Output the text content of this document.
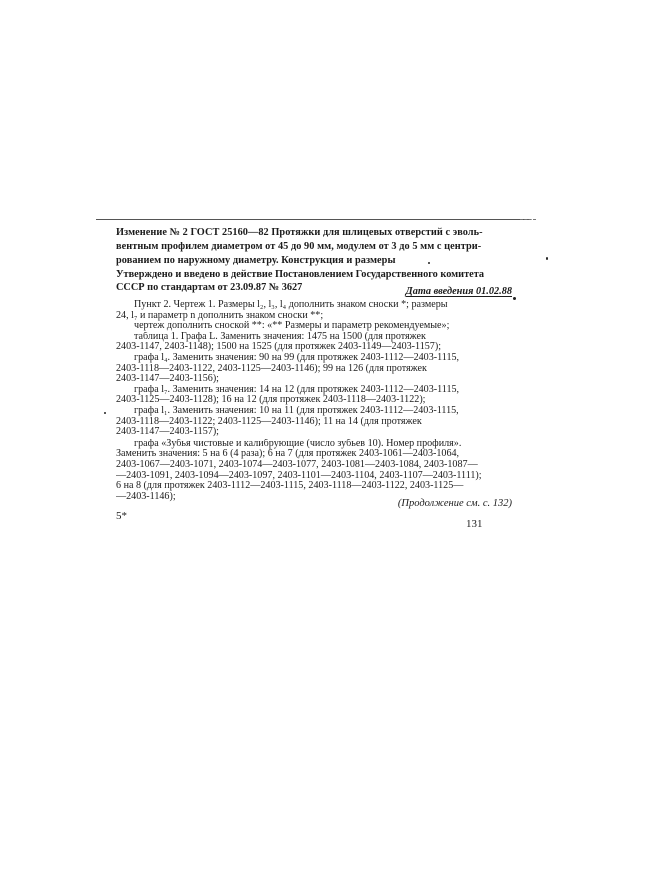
Изменение № 2 ГОСТ 25160—82 Протяжки для шлицевых отверстий с эволь-
вентным профилем диаметром от 45 до 90 мм, модулем от 3 до 5 мм с центри-
рованием по наружному диаметру. Конструкция и размеры
Утверждено и введено в действие Постановлением Государственного комитета
СССР по стандартам от 23.09.87 № 3627	Дата введения 01.02.88
Пункт 2. Чертеж 1. Размеры l₂, l₃, l₄ дополнить знаком сноски *; размеры
24, l₇ и параметр n дополнить знаком сноски **;
чертеж дополнить сноской **: «** Размеры и параметр рекомендуемые»;
таблица 1. Графа L. Заменить значения: 1475 на 1500 (для протяжек
2403-1147, 2403-1148); 1500 на 1525 (для протяжек 2403-1149—2403-1157);
графа l₄. Заменить значения: 90 на 99 (для протяжек 2403-1112—2403-1115,
2403-1118—2403-1122, 2403-1125—2403-1146); 99 на 126 (для протяжек
2403-1147—2403-1156);
графа l₇. Заменить значения: 14 на 12 (для протяжек 2403-1112—2403-1115,
2403-1125—2403-1128); 16 на 12 (для протяжек 2403-1118—2403-1122);
графа l₁. Заменить значения: 10 на 11 (для протяжек 2403-1112—2403-1115,
2403-1118—2403-1122; 2403-1125—2403-1146); 11 на 14 (для протяжек
2403-1147—2403-1157);
графа «Зубья чистовые и калибрующие (число зубьев 10). Номер профиля».
Заменить значения: 5 на 6 (4 раза); 6 на 7 (для протяжек 2403-1061—2403-1064,
2403-1067—2403-1071, 2403-1074—2403-1077, 2403-1081—2403-1084, 2403-1087—
—2403-1091, 2403-1094—2403-1097, 2403-1101—2403-1104, 2403-1107—2403-1111);
6 на 8 (для протяжек 2403-1112—2403-1115, 2403-1118—2403-1122, 2403-1125—
—2403-1146);
(Продолжение см. с. 132)
5*
131
